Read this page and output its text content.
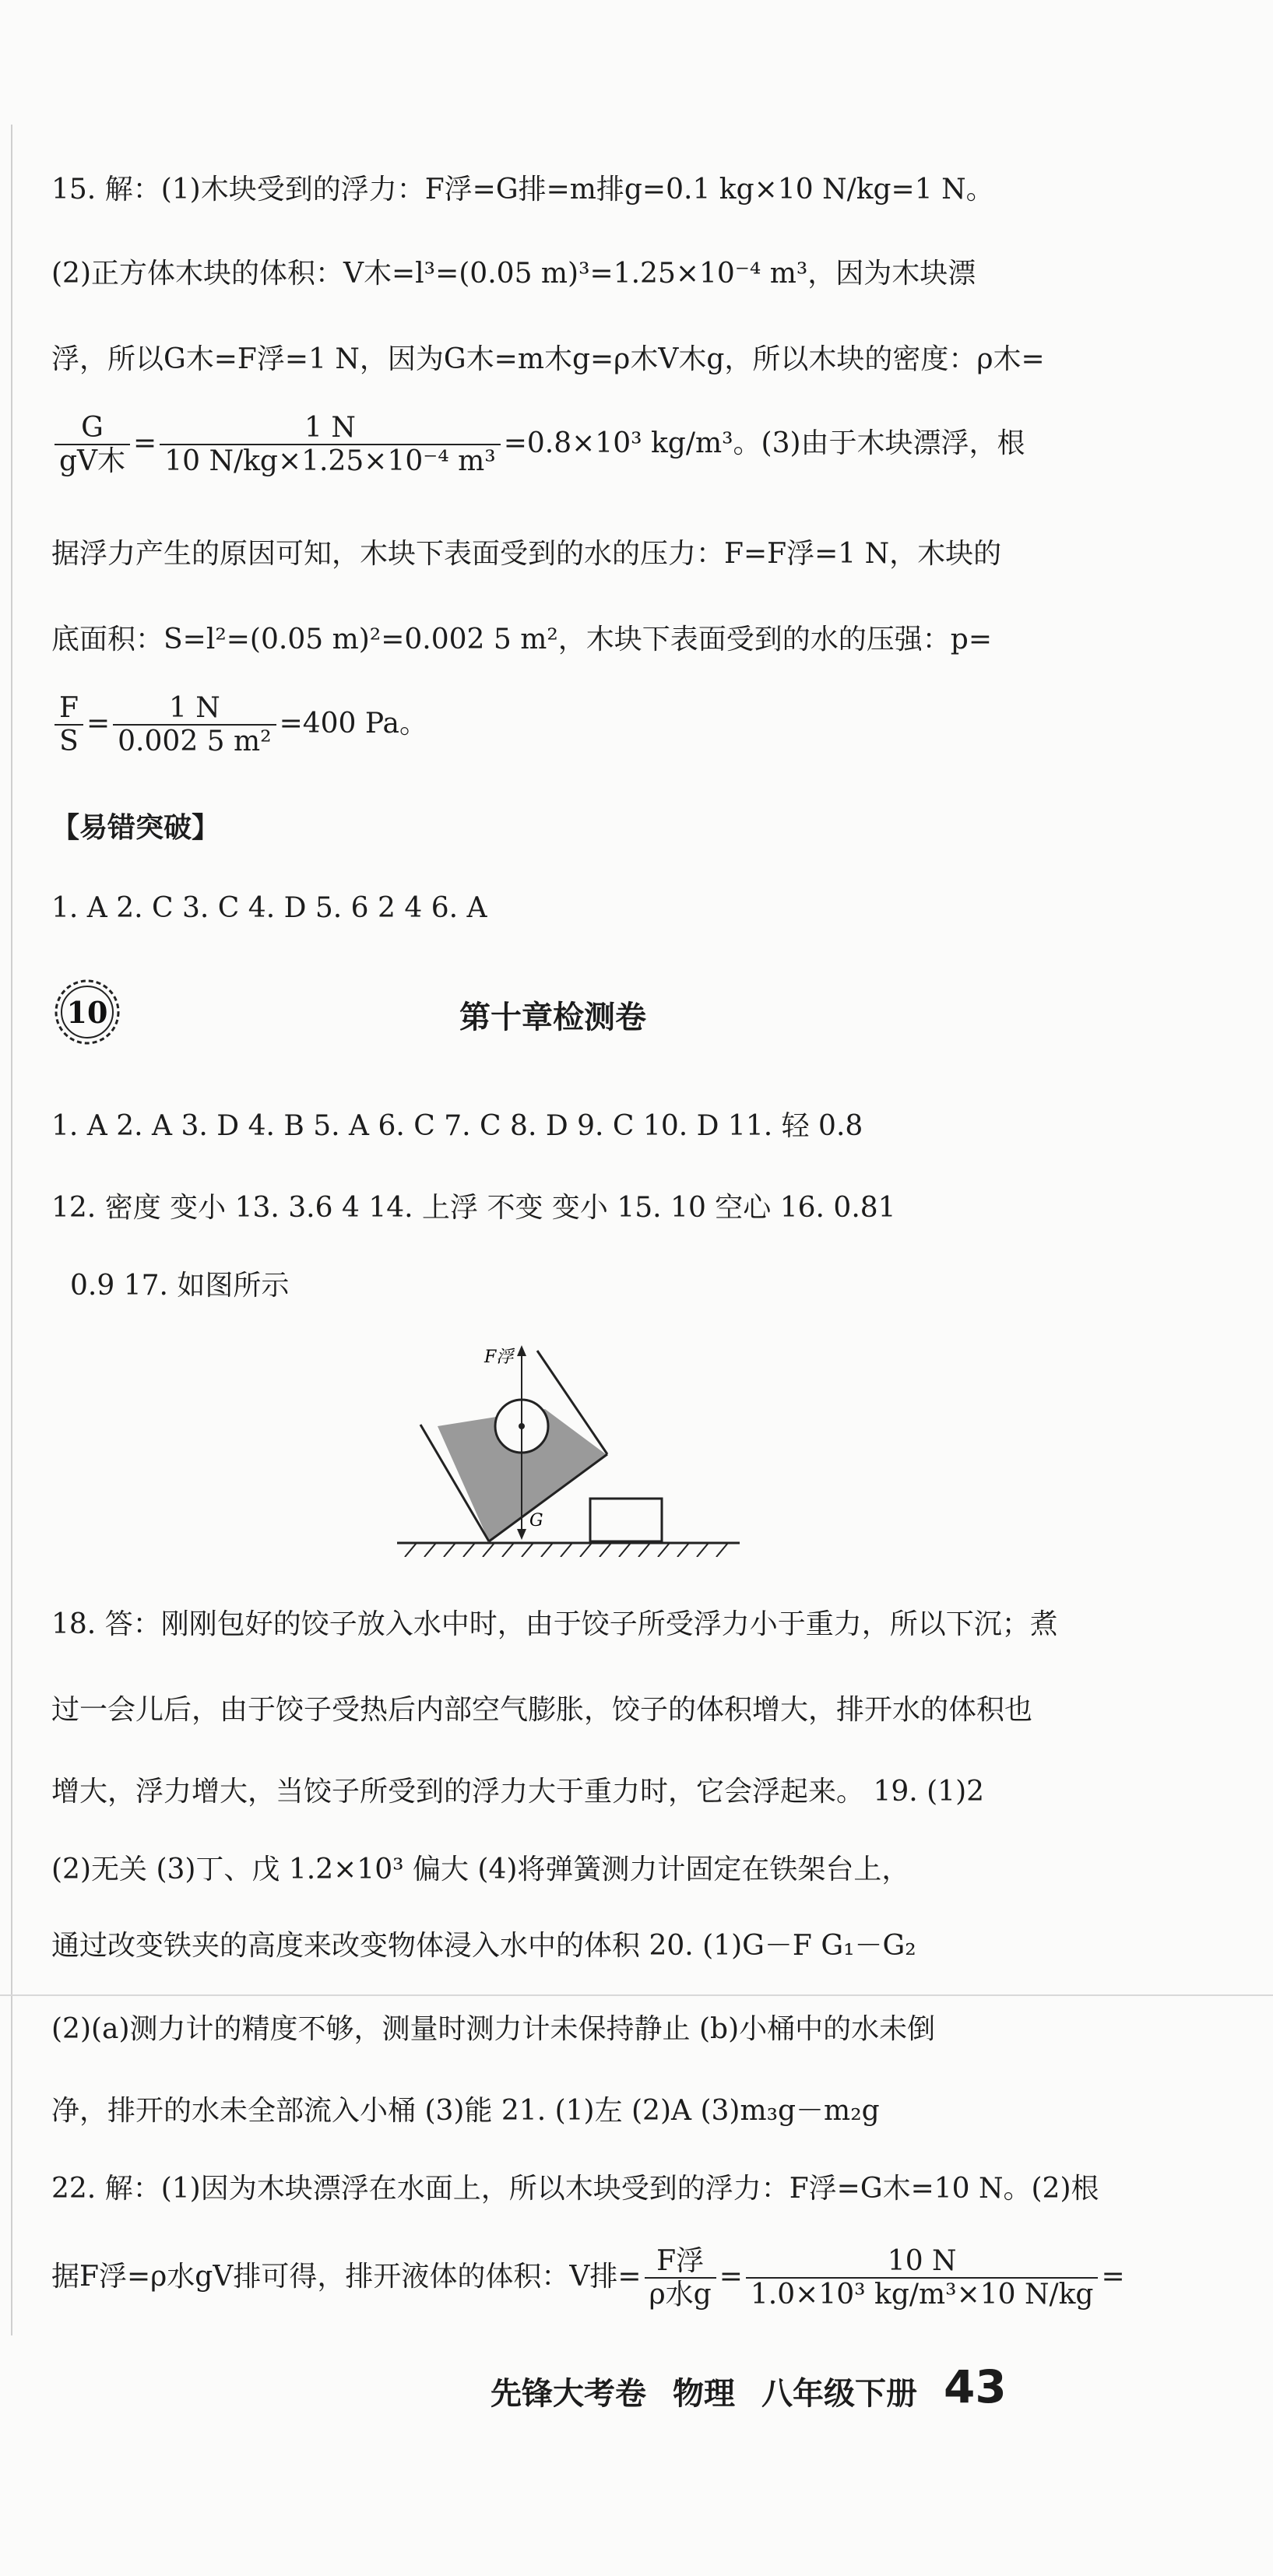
15. 解：(1)木块受到的浮力：F浮=G排=m排g=0.1 kg×10 N/kg=1 N。
(2)正方体木块的体积：V木=l³=(0.05 m)³=1.25×10⁻⁴ m³，因为木块漂
浮，所以G木=F浮=1 N，因为G木=m木g=ρ木V木g，所以木块的密度：ρ木=
$\frac{G}{\text{gV木}} = \frac{1 N}{\text{10 N/kg×1.25×10⁻⁴ m³}} =0.8\times 10^3$ kg/m³。(3)由于木块漂浮，根
据浮力产生的原因可知，木块下表面受到的水的压力：F=F浮=1 N，木块的
底面积：S=l²=(0.05 m)²=0.002 5 m²，木块下表面受到的水的压强：p=
$\frac{F}{S} = \frac{1 N}{\text{0.002 5 m²}} =400$ Pa。
【易错突破】
1. A 2. C 3. C 4. D 5. 6 2 4 6. A
10	第十章检测卷
1. A 2. A 3. D 4. B 5. A 6. C 7. C 8. D 9. C 10. D 11. 轻 0.8
12. 密度 变小 13. 3.6 4 14. 上浮 不变 变小 15. 10 空心 16. 0.81
0.9 17. 如图所示
F浮
G
18. 答：刚刚包好的饺子放入水中时，由于饺子所受浮力小于重力，所以下沉；煮
过一会儿后，由于饺子受热后内部空气膨胀，饺子的体积增大，排开水的体积也
增大，浮力增大，当饺子所受到的浮力大于重力时，它会浮起来。 19. (1)2
(2)无关 (3)丁、戊 1.2×10³ 偏大 (4)将弹簧测力计固定在铁架台上，
通过改变铁夹的高度来改变物体浸入水中的体积 20. (1)G－F G₁－G₂
(2)(a)测力计的精度不够，测量时测力计未保持静止 (b)小桶中的水未倒
净，排开的水未全部流入小桶 (3)能 21. (1)左 (2)A (3)m₃g－m₂g
22. 解：(1)因为木块漂浮在水面上，所以木块受到的浮力：F浮=G木=10 N。(2)根
据F浮=ρ水gV排可得，排开液体的体积：V排= $\frac{\text{F浮}}{\text{ρ水g}} = \frac{10 N}{\text{1.0×10³ kg/m³×10 N/kg}}$ =
先锋大考卷 物理 八年级下册 43
